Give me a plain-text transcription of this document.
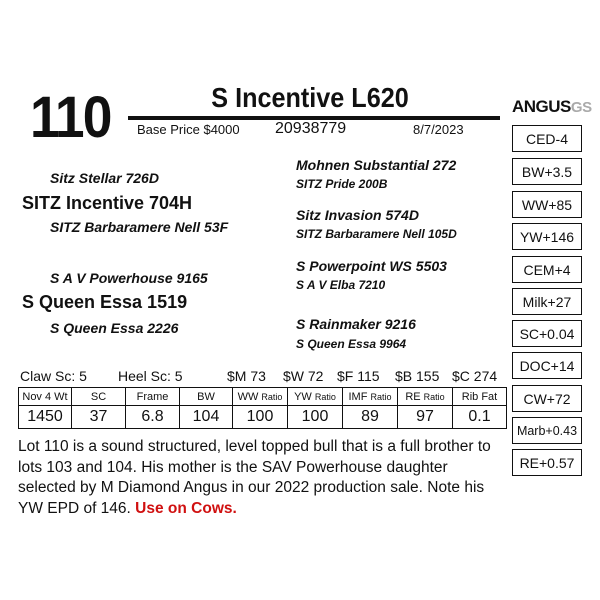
110	S Incentive L620
Base Price $4000 20938779	8/7/2023
ANGUSGS
CED-4
BW+3.5
WW+85
YW+146
CEM+4
Milk+27
SC+0.04
DOC+14
CW+72
Marb+0.43
RE+0.57
Sitz Stellar 726D
SITZ Incentive 704H
SITZ Barbaramere Nell 53F
Mohnen Substantial 272
SITZ Pride 200B
Sitz Invasion 574D
SITZ Barbaramere Nell 105D
S A V Powerhouse 9165
S Queen Essa 1519
S Queen Essa 2226
S Powerpoint WS 5503
S A V Elba 7210
S Rainmaker 9216
S Queen Essa 9964
Claw Sc: 5 Heel Sc: 5	$M 73 $W 72 $F 115 $B 155 $C 274
Nov 4 Wt	SC	Frame	BW	WW Ratio	YW Ratio	IMF Ratio	RE Ratio	Rib Fat
1450	37	6.8	104	100	100	89	97	0.1
Lot 110 is a sound structured, level topped bull that is a full brother to lots 103 and 104. His mother is the SAV Powerhouse daughter selected by M Diamond Angus in our 2022 production sale. Note his YW EPD of 146. Use on Cows.
